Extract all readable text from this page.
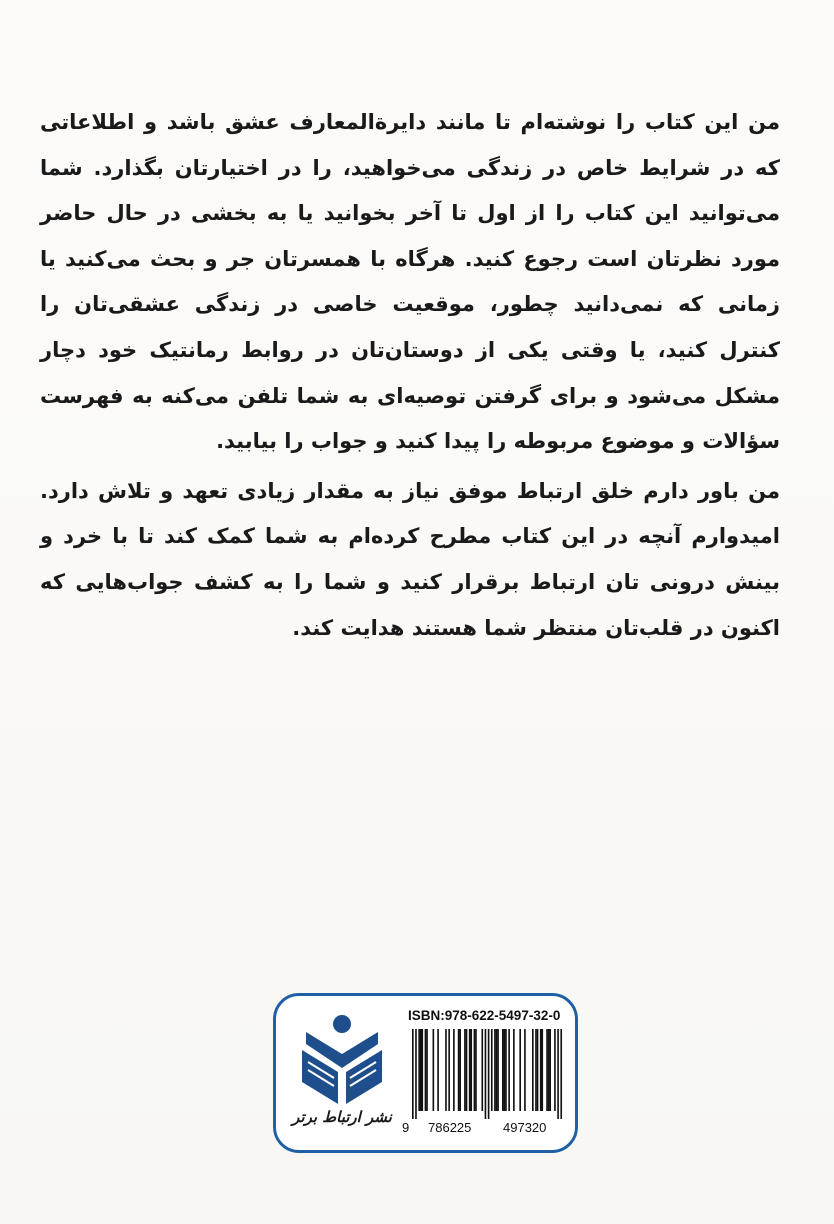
من این کتاب را نوشته‌ام تا مانند دایرةالمعارف عشق باشد و اطلاعاتی که در شرایط خاص در زندگی می‌خواهید، را در اختیارتان بگذارد. شما می‌توانید این کتاب را از اول تا آخر بخوانید یا به بخشی در حال حاضر مورد نظرتان است رجوع کنید. هرگاه با همسرتان جر و بحث می‌کنید یا زمانی که نمی‌دانید چطور، موقعیت خاصی در زندگی عشقی‌تان را کنترل کنید، یا وقتی یکی از دوستان‌تان در روابط رمانتیک خود دچار مشکل می‌شود و برای گرفتن توصیه‌ای به شما تلفن می‌کنه به فهرست سؤالات و موضوع مربوطه را پیدا کنید و جواب را بیابید.

من باور دارم خلق ارتباط موفق نیاز به مقدار زیادی تعهد و تلاش دارد. امیدوارم آنچه در این کتاب مطرح کرده‌ام به شما کمک کند تا با خرد و بینش درونی تان ارتباط برقرار کنید و شما را به کشف جواب‌هایی که اکنون در قلب‌تان منتظر شما هستند هدایت کند.

نشر ارتباط برتر
ISBN:978-622-5497-32-0
9 786225 497320
